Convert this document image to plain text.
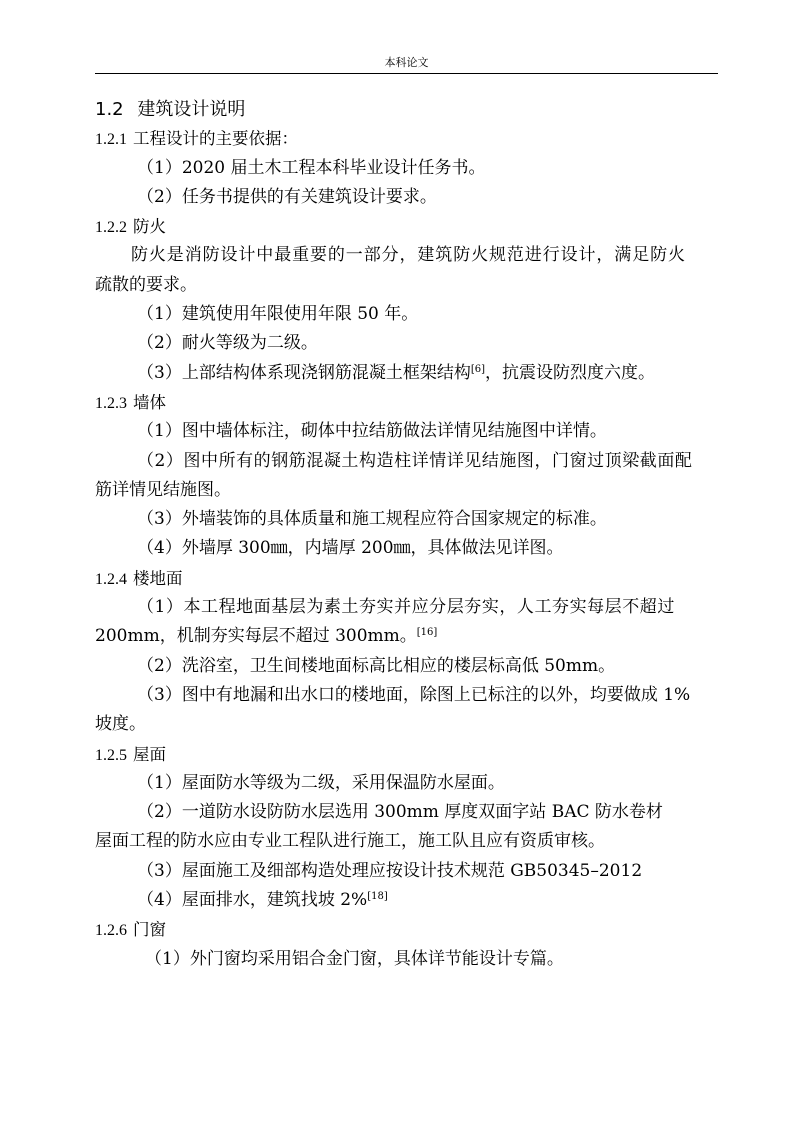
本科论文
1.2 建筑设计说明
1.2.1 工程设计的主要依据：
（1）2020 届土木工程本科毕业设计任务书。
（2）任务书提供的有关建筑设计要求。
1.2.2 防火
防火是消防设计中最重要的一部分，建筑防火规范进行设计，满足防火
疏散的要求。
（1）建筑使用年限使用年限 50 年。
（2）耐火等级为二级。
（3）上部结构体系现浇钢筋混凝土框架结构[6]，抗震设防烈度六度。
1.2.3 墙体
（1）图中墙体标注，砌体中拉结筋做法详情见结施图中详情。
（2）图中所有的钢筋混凝土构造柱详情详见结施图，门窗过顶梁截面配
筋详情见结施图。
（3）外墙装饰的具体质量和施工规程应符合国家规定的标准。
（4）外墙厚 300㎜，内墙厚 200㎜，具体做法见详图。
1.2.4 楼地面
（1）本工程地面基层为素土夯实并应分层夯实，人工夯实每层不超过
200mm，机制夯实每层不超过 300mm。[16]
（2）洗浴室，卫生间楼地面标高比相应的楼层标高低 50mm。
（3）图中有地漏和出水口的楼地面，除图上已标注的以外，均要做成 1%
坡度。
1.2.5 屋面
（1）屋面防水等级为二级，采用保温防水屋面。
（2）一道防水设防防水层选用 300mm 厚度双面字站 BAC 防水卷材
屋面工程的防水应由专业工程队进行施工，施工队且应有资质审核。
（3）屋面施工及细部构造处理应按设计技术规范 GB50345–2012
（4）屋面排水，建筑找坡 2%[18]
1.2.6 门窗
（1）外门窗均采用铝合金门窗，具体详节能设计专篇。
